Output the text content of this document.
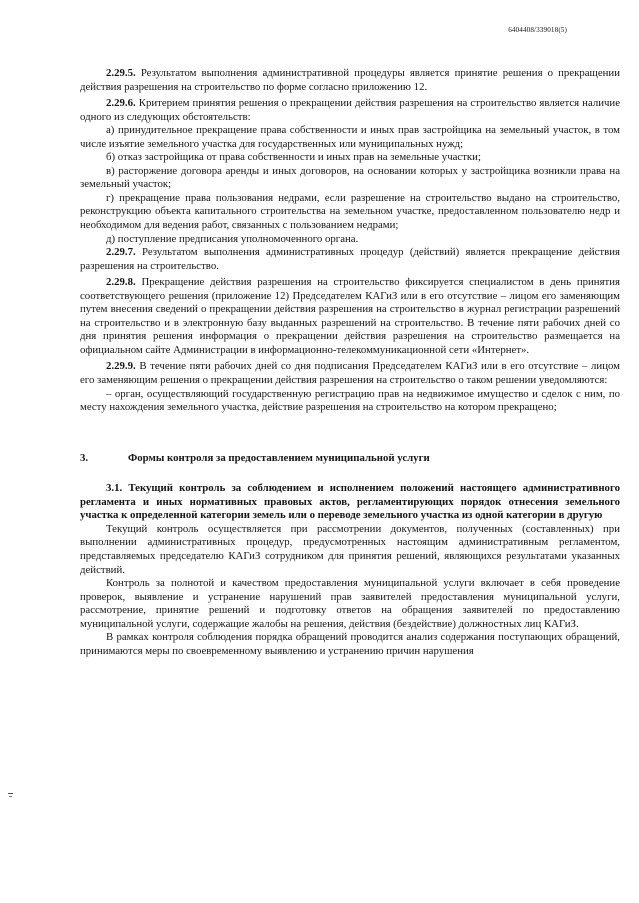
6404408/339018(5)

2.29.5. Результатом выполнения административной процедуры является принятие решения о прекращении действия разрешения на строительство по форме согласно приложению 12.

2.29.6. Критерием принятия решения о прекращении действия разрешения на строительство является наличие одного из следующих обстоятельств:

а) принудительное прекращение права собственности и иных прав застройщика на земельный участок, в том числе изъятие земельного участка для государственных или муниципальных нужд;

б) отказ застройщика от права собственности и иных прав на земельные участки;

в) расторжение договора аренды и иных договоров, на основании которых у застройщика возникли права на земельный участок;

г) прекращение права пользования недрами, если разрешение на строительство выдано на строительство, реконструкцию объекта капитального строительства на земельном участке, предоставленном пользователю недр и необходимом для ведения работ, связанных с пользованием недрами;

д) поступление предписания уполномоченного органа.

2.29.7. Результатом выполнения административных процедур (действий) является прекращение действия разрешения на строительство.

2.29.8. Прекращение действия разрешения на строительство фиксируется специалистом в день принятия соответствующего решения (приложение 12) Председателем КАГиЗ или в его отсутствие – лицом его заменяющим путем внесения сведений о прекращении действия разрешения на строительство в журнал регистрации разрешений на строительство и в электронную базу выданных разрешений на строительство. В течение пяти рабочих дней со дня принятия решения информация о прекращении действия разрешения на строительство размещается на официальном сайте Администрации в информационно-телекоммуникационной сети «Интернет».

2.29.9. В течение пяти рабочих дней со дня подписания Председателем КАГиЗ или в его отсутствие – лицом его заменяющим решения о прекращении действия разрешения на строительство о таком решении уведомляются:

– орган, осуществляющий государственную регистрацию прав на недвижимое имущество и сделок с ним, по месту нахождения земельного участка, действие разрешения на строительство на котором прекращено;

3.	Формы контроля за предоставлением муниципальной услуги

3.1. Текущий контроль за соблюдением и исполнением положений настоящего административного регламента и иных нормативных правовых актов, регламентирующих порядок отнесения земельного участка к определенной категории земель или о переводе земельного участка из одной категории в другую

Текущий контроль осуществляется при рассмотрении документов, полученных (составленных) при выполнении административных процедур, предусмотренных настоящим административным регламентом, представляемых председателю КАГиЗ сотрудником для принятия решений, являющихся результатами указанных действий.

Контроль за полнотой и качеством предоставления муниципальной услуги включает в себя проведение проверок, выявление и устранение нарушений прав заявителей предоставления муниципальной услуги, рассмотрение, принятие решений и подготовку ответов на обращения заявителей по предоставлению муниципальной услуги, содержащие жалобы на решения, действия (бездействие) должностных лиц КАГиЗ.

В рамках контроля соблюдения порядка обращений проводится анализ содержания поступающих обращений, принимаются меры по своевременному выявлению и устранению причин нарушения
